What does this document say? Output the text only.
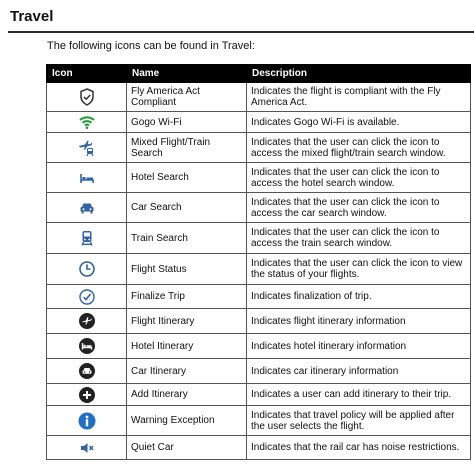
Travel
The following icons can be found in Travel:
Icon	Name	Description

	Fly America Act Compliant	Indicates the flight is compliant with the Fly America Act.

	Gogo Wi-Fi	Indicates Gogo Wi-Fi is available.

	Mixed Flight/Train Search	Indicates that the user can click the icon to access the mixed flight/train search window.

	Hotel Search	Indicates that the user can click the icon to access the hotel search window.

	Car Search	Indicates that the user can click the icon to access the car search window.

	Train Search	Indicates that the user can click the icon to access the train search window.

	Flight Status	Indicates that the user can click the icon to view the status of your flights.

	Finalize Trip	Indicates finalization of trip.

	Flight Itinerary	Indicates flight itinerary information

	Hotel Itinerary	Indicates hotel itinerary information

	Car Itinerary	Indicates car itinerary information

	Add Itinerary	Indicates a user can add itinerary to their trip.

	Warning Exception	Indicates that travel policy will be applied after the user selects the flight.

	Quiet Car	Indicates that the rail car has noise restrictions.
